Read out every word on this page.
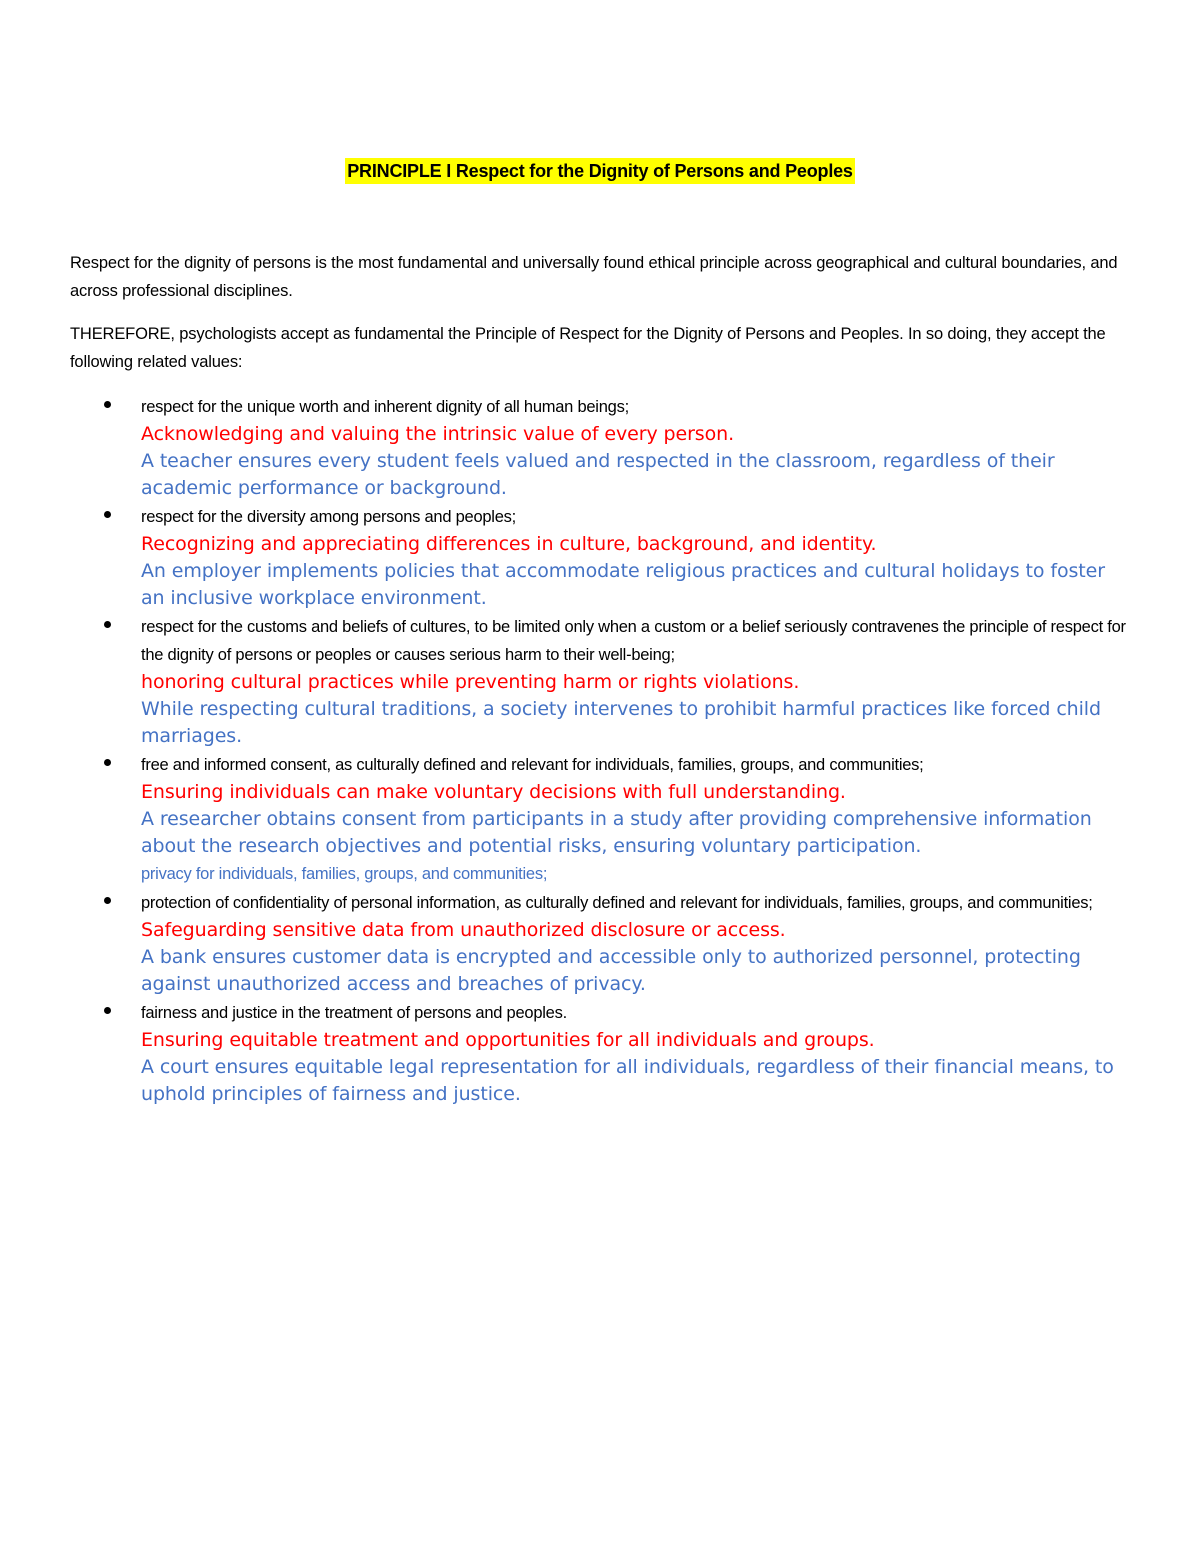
PRINCIPLE I Respect for the Dignity of Persons and Peoples
Respect for the dignity of persons is the most fundamental and universally found ethical principle across geographical and cultural boundaries, and across professional disciplines.
THEREFORE, psychologists accept as fundamental the Principle of Respect for the Dignity of Persons and Peoples. In so doing, they accept the following related values:
respect for the unique worth and inherent dignity of all human beings;
Acknowledging and valuing the intrinsic value of every person.
A teacher ensures every student feels valued and respected in the classroom, regardless of their academic performance or background.
respect for the diversity among persons and peoples;
Recognizing and appreciating differences in culture, background, and identity.
An employer implements policies that accommodate religious practices and cultural holidays to foster an inclusive workplace environment.
respect for the customs and beliefs of cultures, to be limited only when a custom or a belief seriously contravenes the principle of respect for the dignity of persons or peoples or causes serious harm to their well-being;
honoring cultural practices while preventing harm or rights violations.
While respecting cultural traditions, a society intervenes to prohibit harmful practices like forced child marriages.
free and informed consent, as culturally defined and relevant for individuals, families, groups, and communities;
Ensuring individuals can make voluntary decisions with full understanding.
A researcher obtains consent from participants in a study after providing comprehensive information about the research objectives and potential risks, ensuring voluntary participation.
privacy for individuals, families, groups, and communities;
protection of confidentiality of personal information, as culturally defined and relevant for individuals, families, groups, and communities;
Safeguarding sensitive data from unauthorized disclosure or access.
A bank ensures customer data is encrypted and accessible only to authorized personnel, protecting against unauthorized access and breaches of privacy.
fairness and justice in the treatment of persons and peoples.
Ensuring equitable treatment and opportunities for all individuals and groups.
A court ensures equitable legal representation for all individuals, regardless of their financial means, to uphold principles of fairness and justice.
